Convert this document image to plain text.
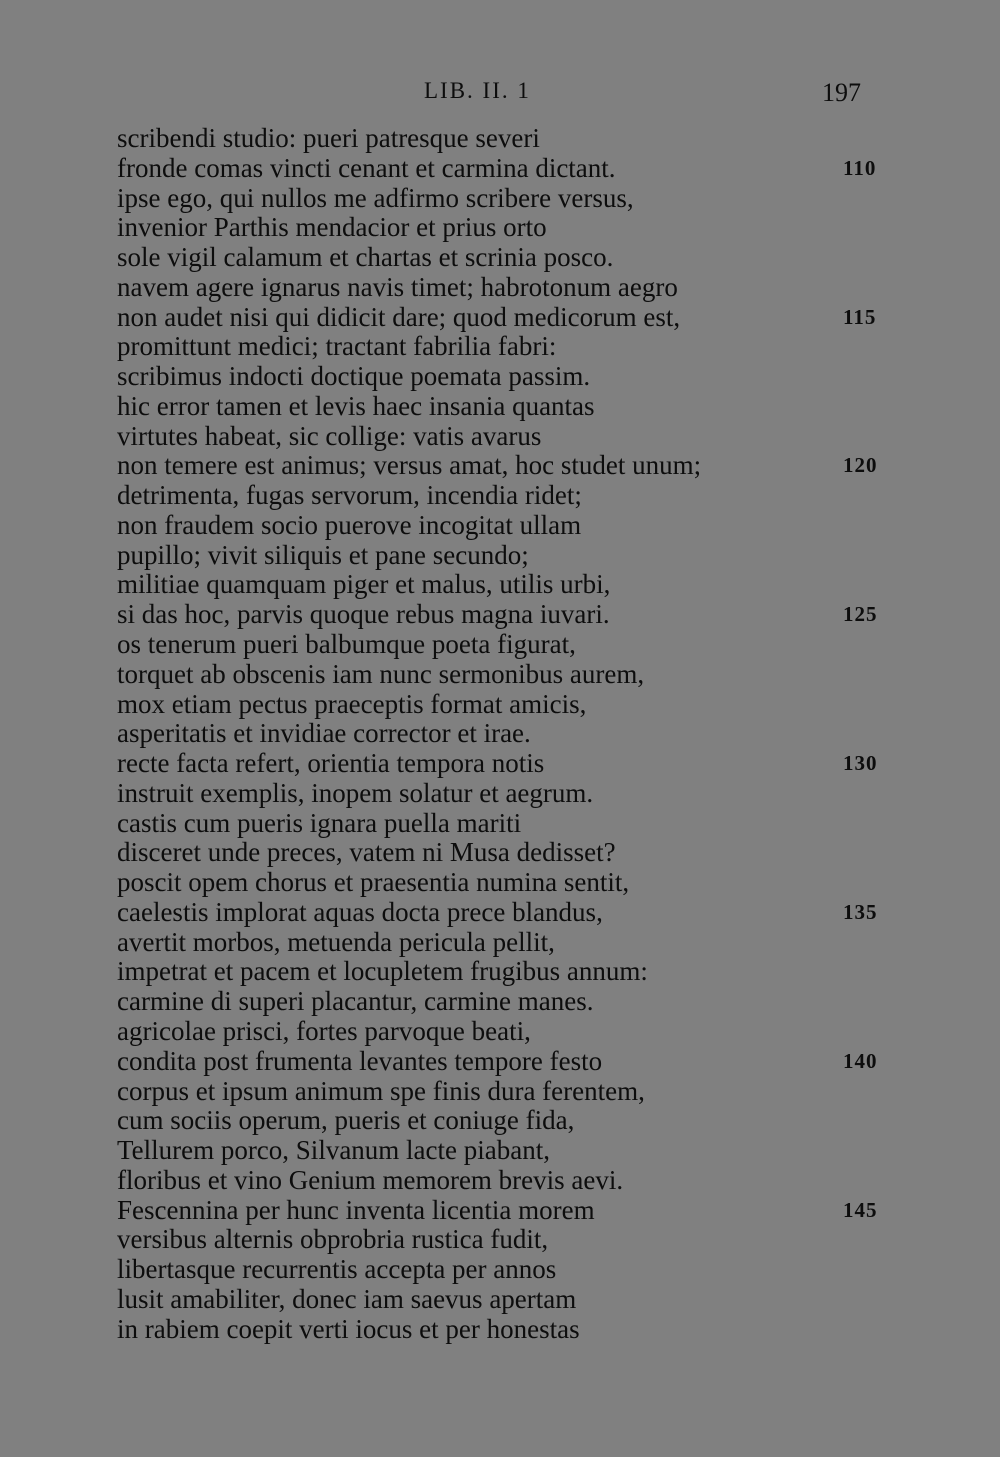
LIB. II. 1	197
scribendi studio: pueri patresque severi
fronde comas vincti cenant et carmina dictant.	110
ipse ego, qui nullos me adfirmo scribere versus,
invenior Parthis mendacior et prius orto
sole vigil calamum et chartas et scrinia posco.
navem agere ignarus navis timet; habrotonum aegro
non audet nisi qui didicit dare; quod medicorum est,	115
promittunt medici; tractant fabrilia fabri:
scribimus indocti doctique poemata passim.
hic error tamen et levis haec insania quantas
virtutes habeat, sic collige: vatis avarus
non temere est animus; versus amat, hoc studet unum;	120
detrimenta, fugas servorum, incendia ridet;
non fraudem socio puerove incogitat ullam
pupillo; vivit siliquis et pane secundo;
militiae quamquam piger et malus, utilis urbi,
si das hoc, parvis quoque rebus magna iuvari.	125
os tenerum pueri balbumque poeta figurat,
torquet ab obscenis iam nunc sermonibus aurem,
mox etiam pectus praeceptis format amicis,
asperitatis et invidiae corrector et irae.
recte facta refert, orientia tempora notis	130
instruit exemplis, inopem solatur et aegrum.
castis cum pueris ignara puella mariti
disceret unde preces, vatem ni Musa dedisset?
poscit opem chorus et praesentia numina sentit,
caelestis implorat aquas docta prece blandus,	135
avertit morbos, metuenda pericula pellit,
impetrat et pacem et locupletem frugibus annum:
carmine di superi placantur, carmine manes.
agricolae prisci, fortes parvoque beati,
condita post frumenta levantes tempore festo	140
corpus et ipsum animum spe finis dura ferentem,
cum sociis operum, pueris et coniuge fida,
Tellurem porco, Silvanum lacte piabant,
floribus et vino Genium memorem brevis aevi.
Fescennina per hunc inventa licentia morem	145
versibus alternis obprobria rustica fudit,
libertasque recurrentis accepta per annos
lusit amabiliter, donec iam saevus apertam
in rabiem coepit verti iocus et per honestas
